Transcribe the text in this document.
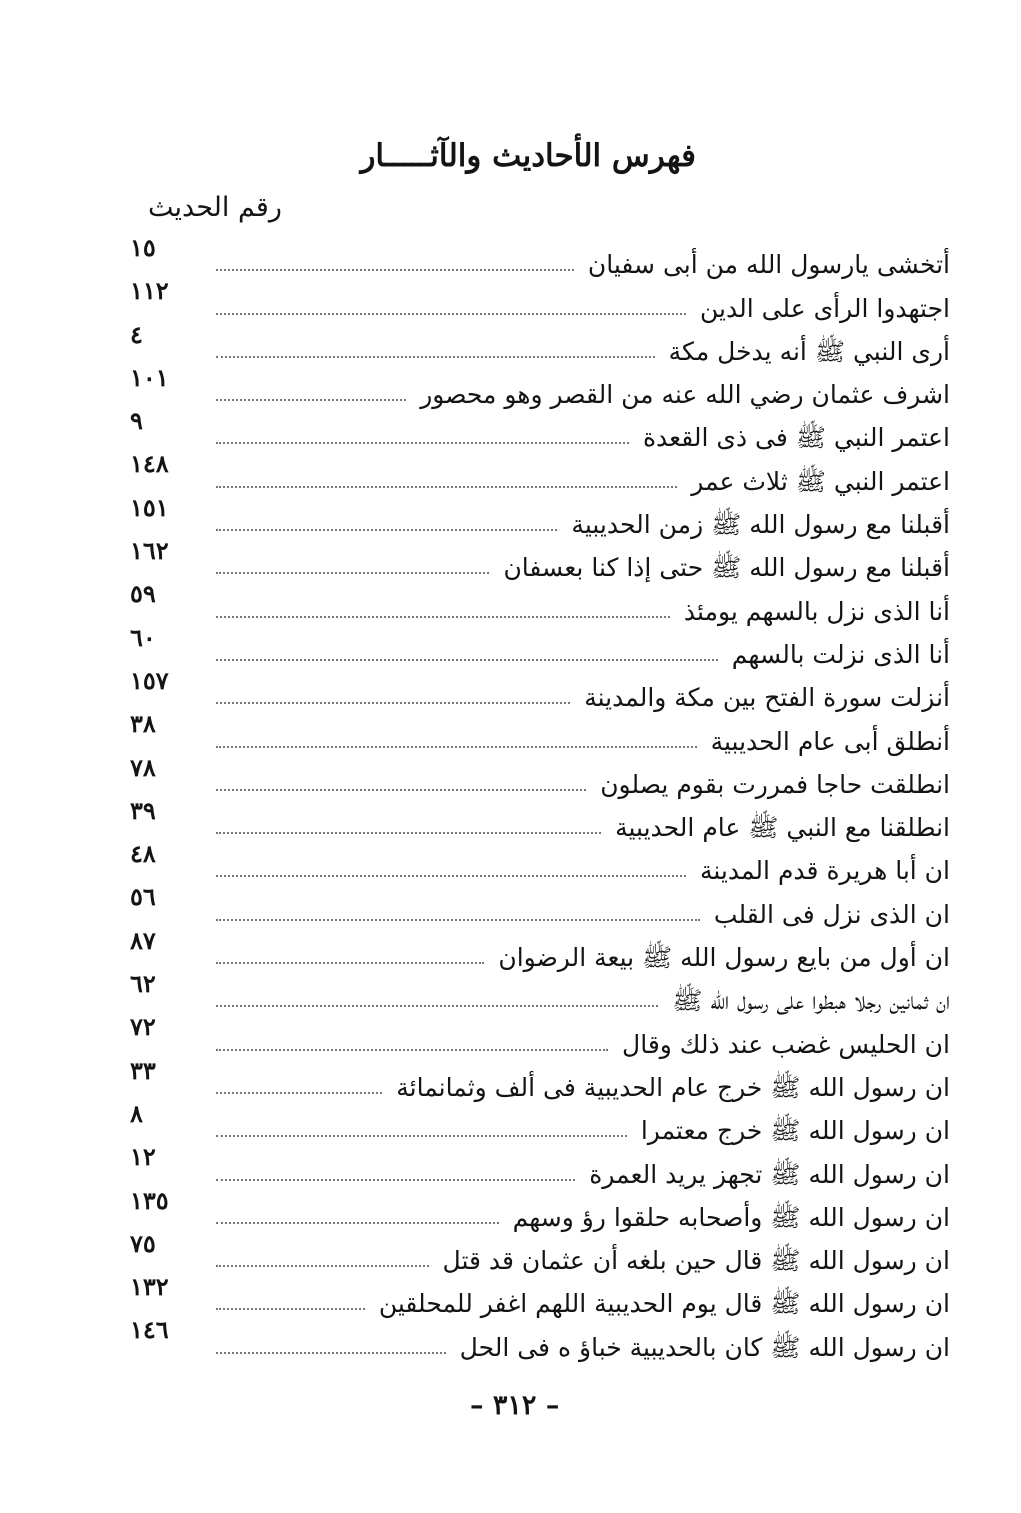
فهرس الأحاديث والآثـــــار
رقم الحديث
أتخشى يارسول الله من أبى سفيان
١٥
اجتهدوا الرأى على الدين
١١٢
أرى النبي ﷺ أنه يدخل مكة
٤
اشرف عثمان رضي الله عنه من القصر وهو محصور
١٠١
اعتمر النبي ﷺ فى ذى القعدة
٩
اعتمر النبي ﷺ ثلاث عمر
١٤٨
أقبلنا مع رسول الله ﷺ زمن الحديبية
١٥١
أقبلنا مع رسول الله ﷺ حتى إذا كنا بعسفان
١٦٢
أنا الذى نزل بالسهم يومئذ
٥٩
أنا الذى نزلت بالسهم
٦٠
أنزلت سورة الفتح بين مكة والمدينة
١٥٧
أنطلق أبى عام الحديبية
٣٨
انطلقت حاجا فمررت بقوم يصلون
٧٨
انطلقنا مع النبي ﷺ عام الحديبية
٣٩
ان أبا هريرة قدم المدينة
٤٨
ان الذى نزل فى القلب
٥٦
ان أول من بايع رسول الله ﷺ بيعة الرضوان
٨٧
ان ثمانين رجلا هبطوا على رسول الله ﷺ
٦٢
ان الحليس غضب عند ذلك وقال
٧٢
ان رسول الله ﷺ خرج عام الحديبية فى ألف وثمانمائة
٣٣
ان رسول الله ﷺ خرج معتمرا
٨
ان رسول الله ﷺ تجهز يريد العمرة
١٢
ان رسول الله ﷺ وأصحابه حلقوا رؤ وسهم
١٣٥
ان رسول الله ﷺ قال حين بلغه أن عثمان قد قتل
٧٥
ان رسول الله ﷺ قال يوم الحديبية اللهم اغفر للمحلقين
١٣٢
ان رسول الله ﷺ كان بالحديبية خباؤ ه فى الحل
١٤٦
– ٣١٢ –
